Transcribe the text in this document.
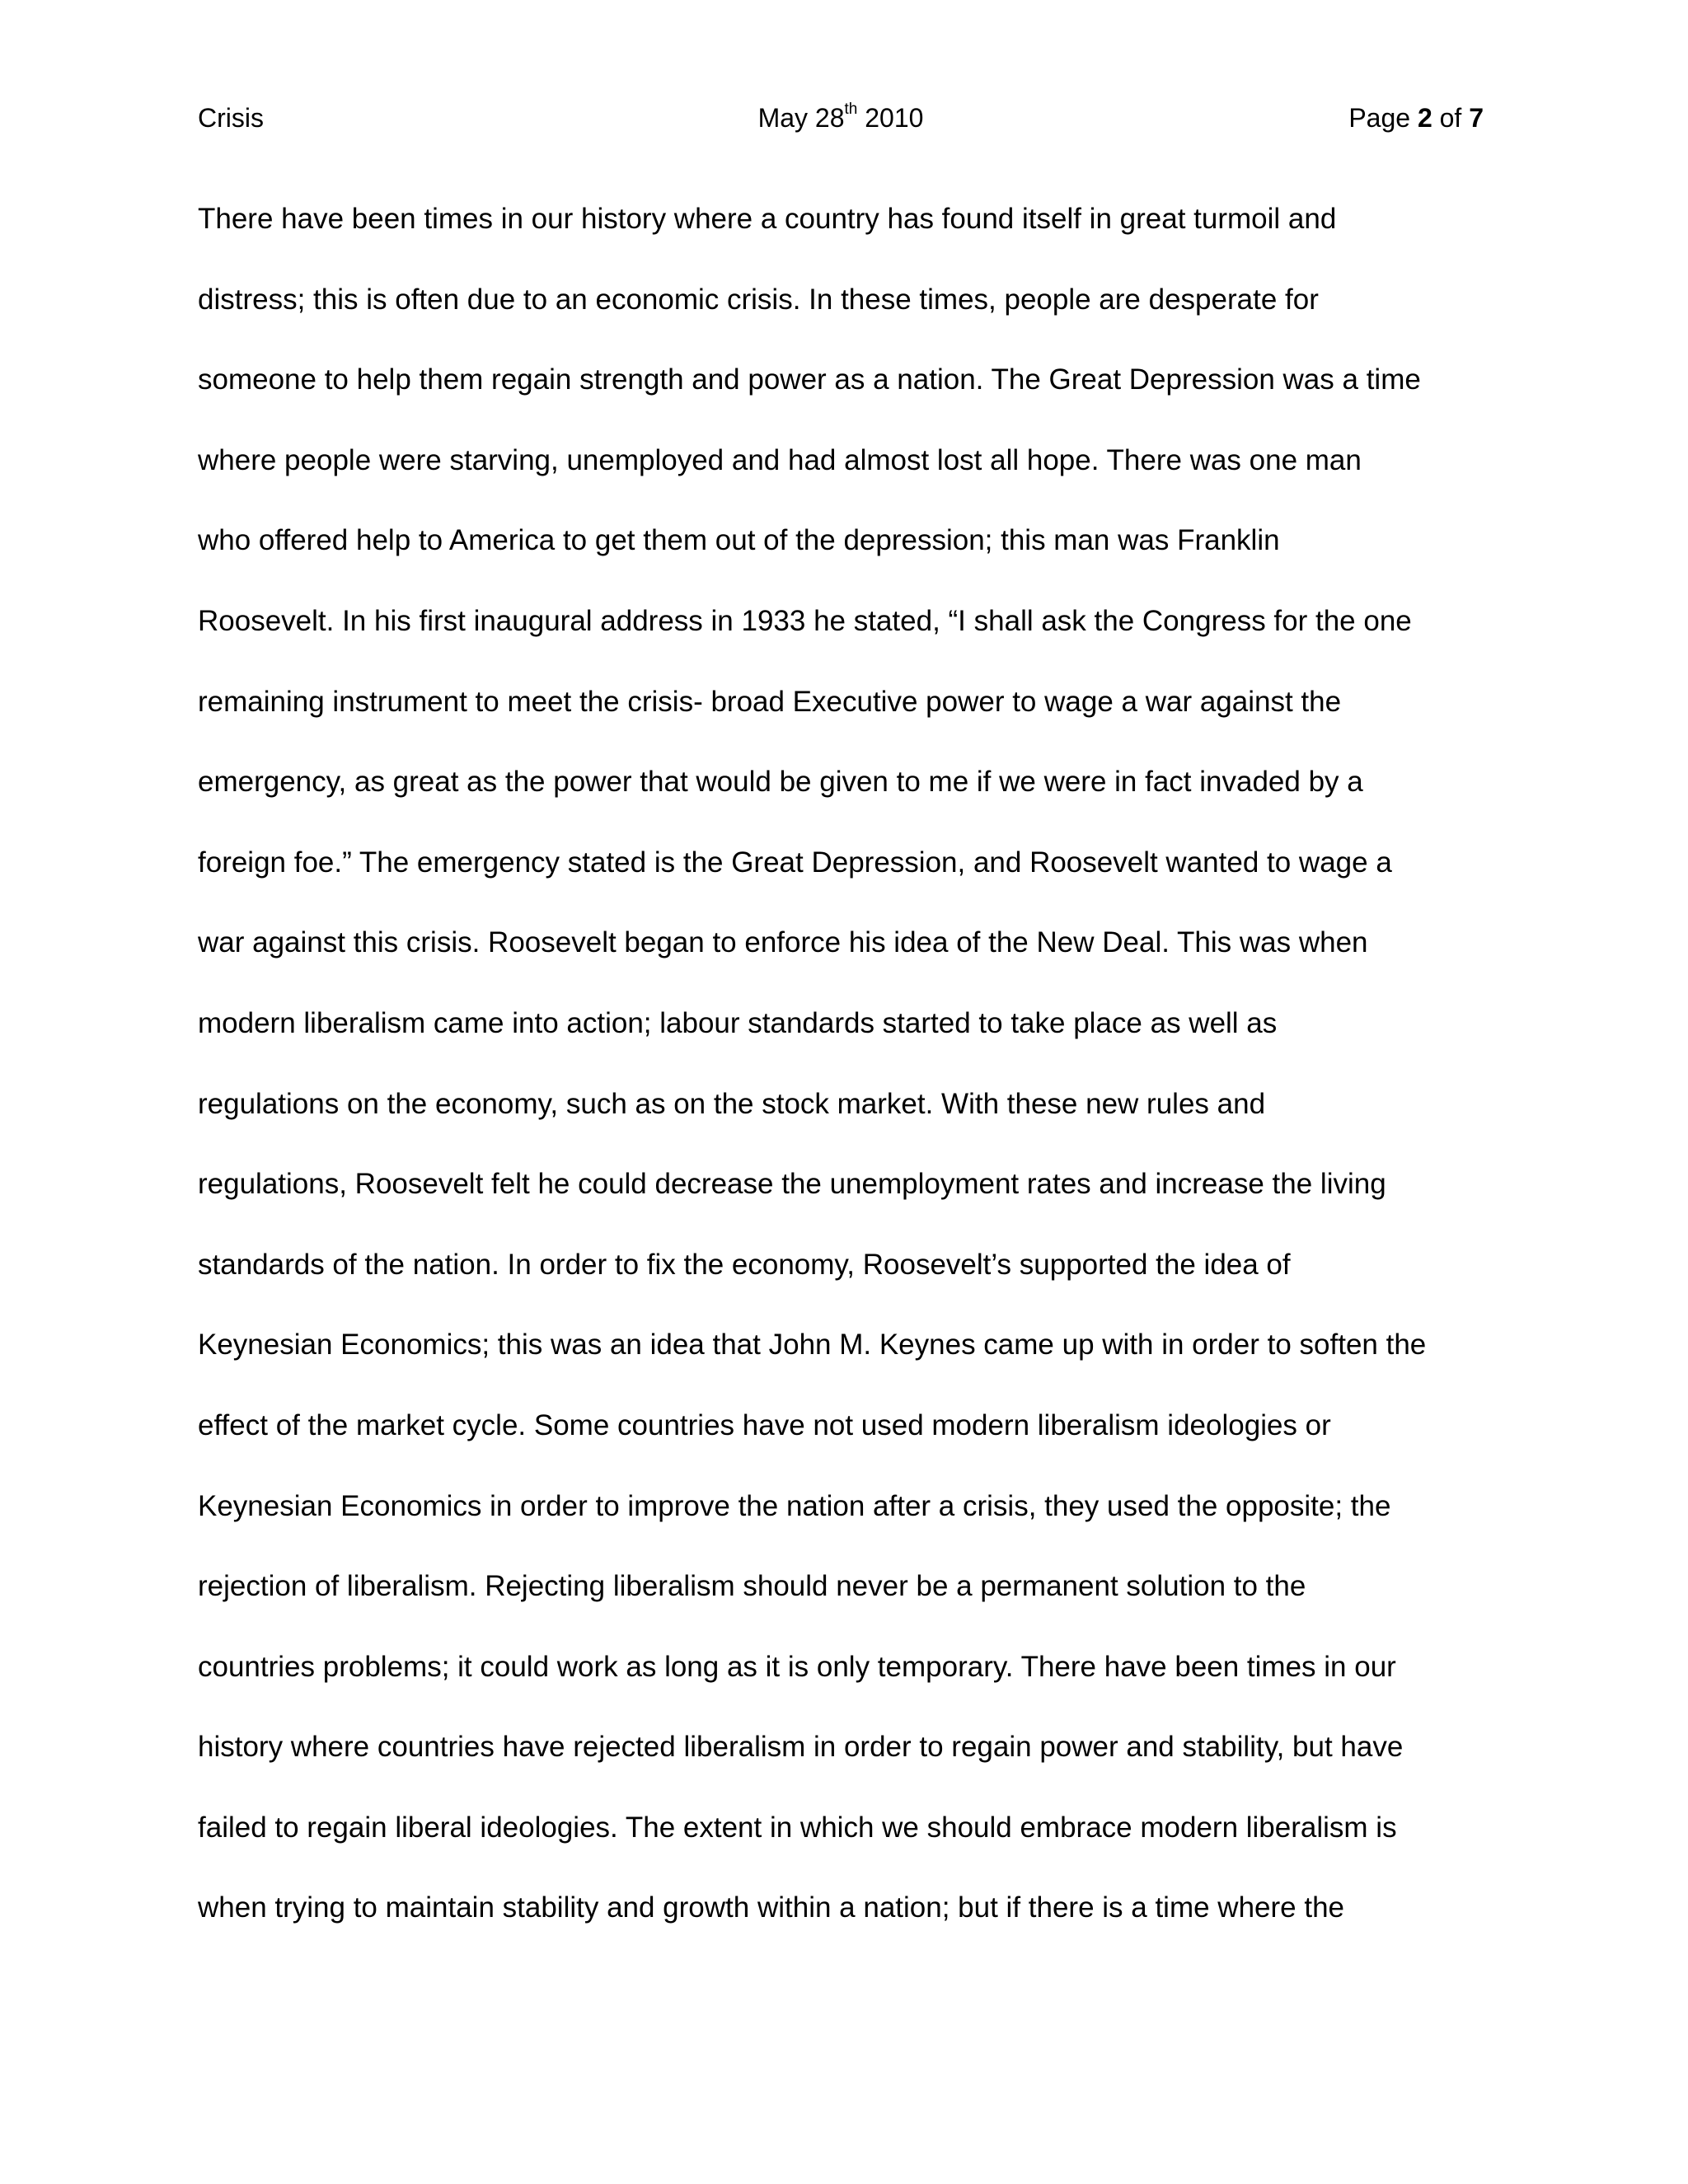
Crisis	May 28th 2010	Page 2 of 7
There have been times in our history where a country has found itself in great turmoil and
distress; this is often due to an economic crisis. In these times, people are desperate for
someone to help them regain strength and power as a nation. The Great Depression was a time
where people were starving, unemployed and had almost lost all hope. There was one man
who offered help to America to get them out of the depression; this man was Franklin
Roosevelt. In his first inaugural address in 1933 he stated, “I shall ask the Congress for the one
remaining instrument to meet the crisis- broad Executive power to wage a war against the
emergency, as great as the power that would be given to me if we were in fact invaded by a
foreign foe.” The emergency stated is the Great Depression, and Roosevelt wanted to wage a
war against this crisis. Roosevelt began to enforce his idea of the New Deal. This was when
modern liberalism came into action; labour standards started to take place as well as
regulations on the economy, such as on the stock market. With these new rules and
regulations, Roosevelt felt he could decrease the unemployment rates and increase the living
standards of the nation. In order to fix the economy, Roosevelt’s supported the idea of
Keynesian Economics; this was an idea that John M. Keynes came up with in order to soften the
effect of the market cycle. Some countries have not used modern liberalism ideologies or
Keynesian Economics in order to improve the nation after a crisis, they used the opposite; the
rejection of liberalism. Rejecting liberalism should never be a permanent solution to the
countries problems; it could work as long as it is only temporary. There have been times in our
history where countries have rejected liberalism in order to regain power and stability, but have
failed to regain liberal ideologies. The extent in which we should embrace modern liberalism is
when trying to maintain stability and growth within a nation; but if there is a time where the
